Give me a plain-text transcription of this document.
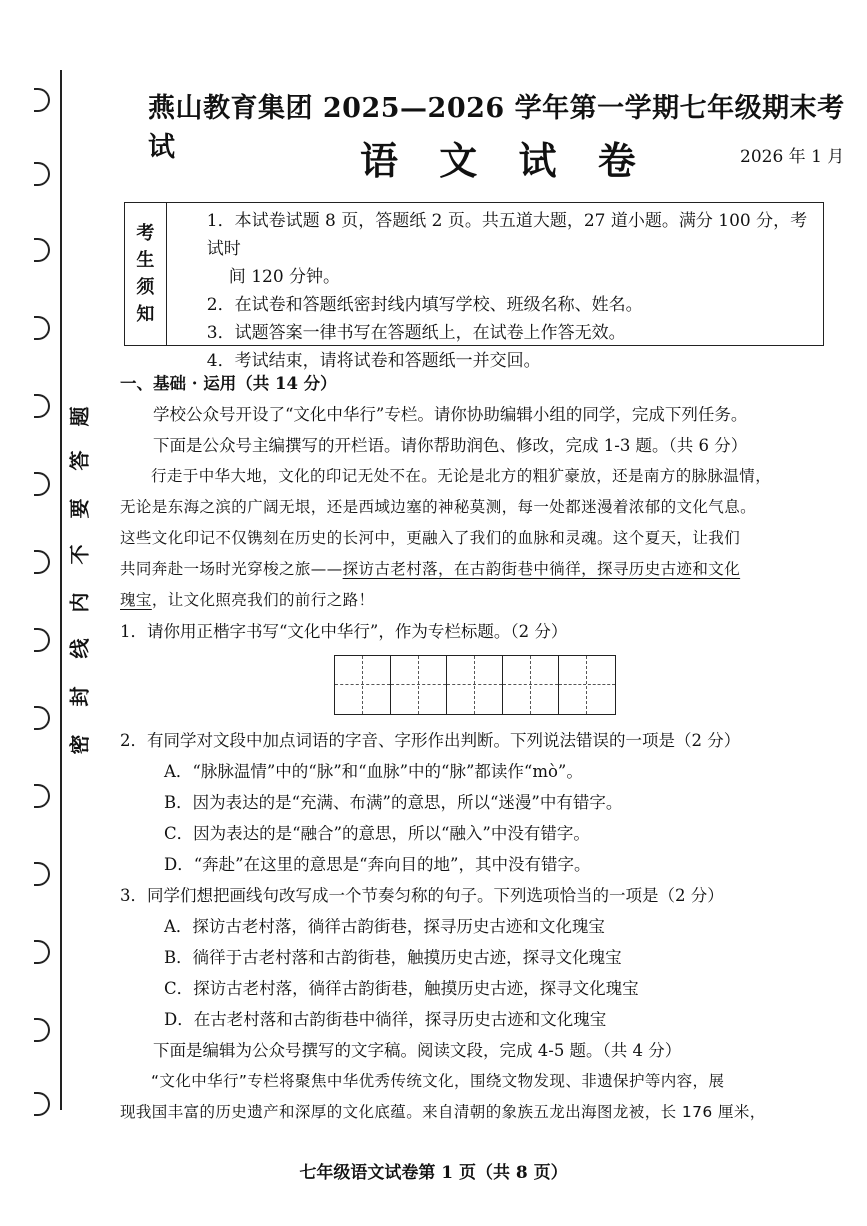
题
答
要
不
内
线
封
密
燕山教育集团 2025—2026 学年第一学期七年级期末考试	语 文 试 卷	2026 年 1 月
考
生
须
知
1．本试卷试题 8 页，答题纸 2 页。共五道大题，27 道小题。满分 100 分，考试时
间 120 分钟。
2．在试卷和答题纸密封线内填写学校、班级名称、姓名。
3．试题答案一律书写在答题纸上，在试卷上作答无效。
4．考试结束，请将试卷和答题纸一并交回。
一、基础 · 运用（共 14 分）
学校公众号开设了“文化中华行”专栏。请你协助编辑小组的同学，完成下列任务。
下面是公众号主编撰写的开栏语。请你帮助润色、修改，完成 1-3 题。（共 6 分）
行走于中华大地，文化的印记无处不在。无论是北方的粗犷豪放，还是南方的脉脉温情，
无论是东海之滨的广阔无垠，还是西域边塞的神秘莫测，每一处都迷漫着浓郁的文化气息。
这些文化印记不仅镌刻在历史的长河中，更融入了我们的血脉和灵魂。这个夏天，让我们
共同奔赴一场时光穿梭之旅——探访古老村落，在古韵街巷中徜徉，探寻历史古迹和文化
瑰宝，让文化照亮我们的前行之路！
1．请你用正楷字书写“文化中华行”，作为专栏标题。（2 分）
2．有同学对文段中加点词语的字音、字形作出判断。下列说法错误的一项是（2 分）
A．“脉脉温情”中的“脉”和“血脉”中的“脉”都读作“mò”。
B．因为表达的是“充满、布满”的意思，所以“迷漫”中有错字。
C．因为表达的是“融合”的意思，所以“融入”中没有错字。
D．“奔赴”在这里的意思是“奔向目的地”，其中没有错字。
3．同学们想把画线句改写成一个节奏匀称的句子。下列选项恰当的一项是（2 分）
A．探访古老村落，徜徉古韵街巷，探寻历史古迹和文化瑰宝
B．徜徉于古老村落和古韵街巷，触摸历史古迹，探寻文化瑰宝
C．探访古老村落，徜徉古韵街巷，触摸历史古迹，探寻文化瑰宝
D．在古老村落和古韵街巷中徜徉，探寻历史古迹和文化瑰宝
下面是编辑为公众号撰写的文字稿。阅读文段，完成 4-5 题。（共 4 分）
“文化中华行”专栏将聚焦中华优秀传统文化，围绕文物发现、非遗保护等内容，展
现我国丰富的历史遗产和深厚的文化底蕴。来自清朝的象族五龙出海图龙被，长 176 厘米，
七年级语文试卷第 1 页（共 8 页）
